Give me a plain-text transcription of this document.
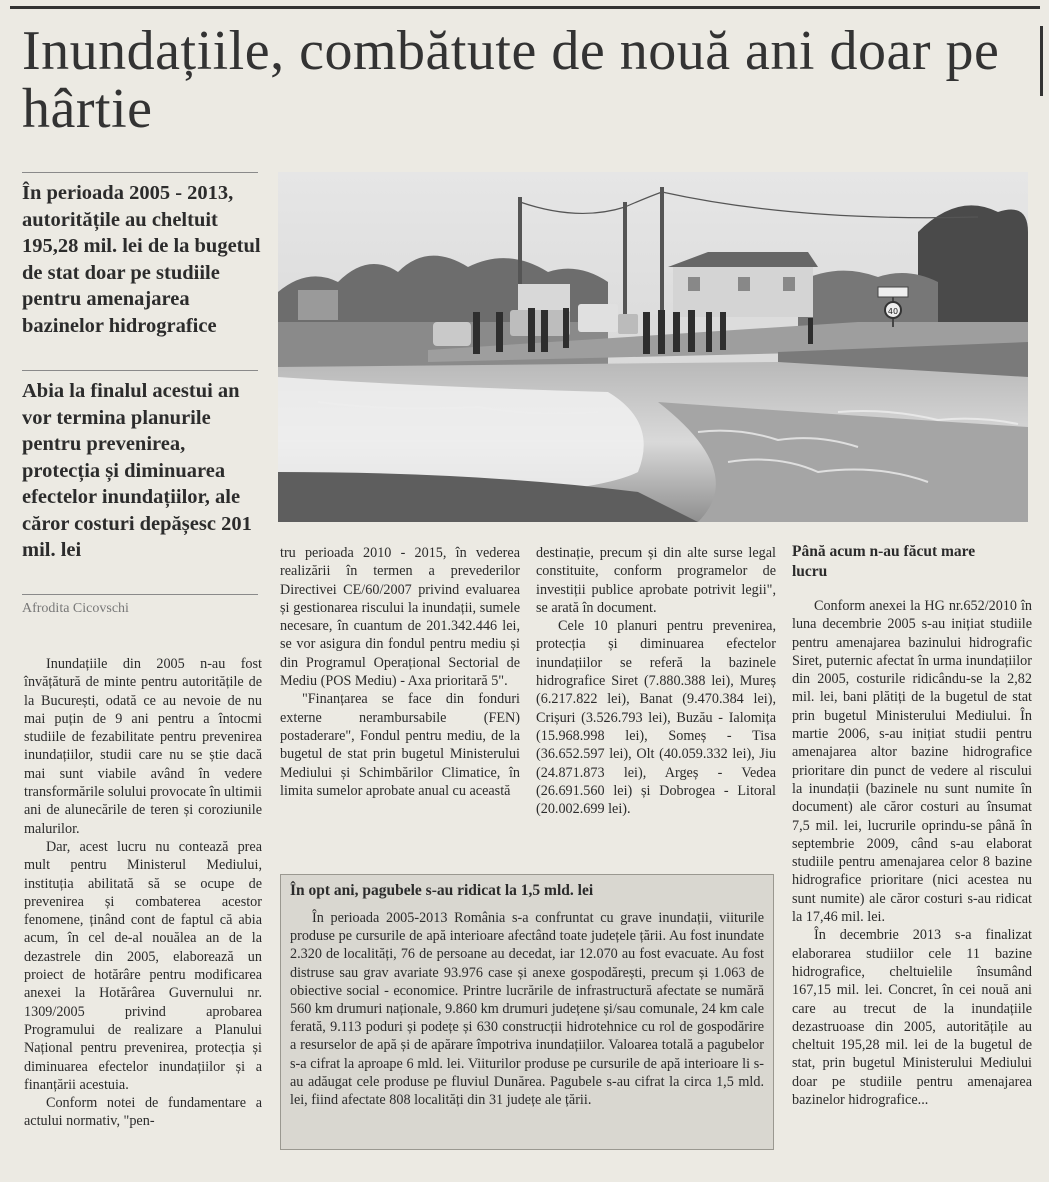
Inundațiile, combătute de nouă ani doar pe hârtie

În perioada 2005 - 2013, autoritățile au cheltuit 195,28 mil. lei de la bugetul de stat doar pe studiile pentru amenajarea bazinelor hidrografice

Abia la finalul acestui an vor termina planurile pentru prevenirea, protecția și diminuarea efectelor inundațiilor, ale căror costuri depășesc 201 mil. lei

Afrodita Cicovschi
40

Inundațiile din 2005 n-au fost învățătură de minte pentru autoritățile de la București, odată ce au nevoie de nu mai puțin de 9 ani pentru a întocmi studiile de fezabilitate pentru prevenirea inundațiilor, studii care nu se știe dacă mai sunt viabile având în vedere transformările solului provocate în ultimii ani de alunecările de teren și coroziunile malurilor.

Dar, acest lucru nu contează prea mult pentru Ministerul Mediului, instituția abilitată să se ocupe de prevenirea și combaterea acestor fenomene, ținând cont de faptul că abia acum, în cel de-al nouălea an de la dezastrele din 2005, elaborează un proiect de hotărâre pentru modificarea anexei la Hotărârea Guvernului nr. 1309/2005 privind aprobarea Programului de realizare a Planului Național pentru prevenirea, protecția și diminuarea efectelor inundațiilor și a finanțării acestuia.

Conform notei de fundamentare a actului normativ, "pen-

tru perioada 2010 - 2015, în vederea realizării în termen a prevederilor Directivei CE/60/2007 privind evaluarea și gestionarea riscului la inundații, sumele necesare, în cuantum de 201.342.446 lei, se vor asigura din fondul pentru mediu și din Programul Operațional Sectorial de Mediu (POS Mediu) - Axa prioritară 5".

"Finanțarea se face din fonduri externe nerambursabile (FEN) postaderare", Fondul pentru mediu, de la bugetul de stat prin bugetul Ministerului Mediului și Schimbărilor Climatice, în limita sumelor aprobate anual cu această

destinație, precum și din alte surse legal constituite, conform programelor de investiții publice aprobate potrivit legii", se arată în document.

Cele 10 planuri pentru prevenirea, protecția și diminuarea efectelor inundațiilor se referă la bazinele hidrografice Siret (7.880.388 lei), Mureș (6.217.822 lei), Banat (9.470.384 lei), Crișuri (3.526.793 lei), Buzău - Ialomița (15.968.998 lei), Someș - Tisa (36.652.597 lei), Olt (40.059.332 lei), Jiu (24.871.873 lei), Argeș - Vedea (26.691.560 lei) și Dobrogea - Litoral (20.002.699 lei).

Până acum n-au făcut mare lucru

Conform anexei la HG nr.652/2010 în luna decembrie 2005 s-au inițiat studiile pentru amenajarea bazinului hidrografic Siret, puternic afectat în urma inundațiilor din 2005, costurile ridicându-se la 2,82 mil. lei, bani plătiți de la bugetul de stat prin bugetul Ministerului Mediului. În martie 2006, s-au inițiat studii pentru amenajarea altor bazine hidrografice prioritare din punct de vedere al riscului la inundații (bazinele nu sunt numite în document) ale căror costuri au însumat 7,5 mil. lei, lucrurile oprindu-se până în septembrie 2009, când s-au elaborat studiile pentru amenajarea celor 8 bazine hidrografice prioritare (nici acestea nu sunt numite) ale căror costuri s-au ridicat la 17,46 mil. lei.

În decembrie 2013 s-a finalizat elaborarea studiilor cele 11 bazine hidrografice, cheltuielile însumând 167,15 mil. lei. Concret, în cei nouă ani care au trecut de la inundațiile dezastruoase din 2005, autoritățile au cheltuit 195,28 mil. lei de la bugetul de stat, prin bugetul Ministerului Mediului doar pe studiile pentru amenajarea bazinelor hidrografice...

În opt ani, pagubele s-au ridicat la 1,5 mld. lei

În perioada 2005-2013 România s-a confruntat cu grave inundații, viiturile produse pe cursurile de apă interioare afectând toate județele țării. Au fost inundate 2.320 de localități, 76 de persoane au decedat, iar 12.070 au fost evacuate. Au fost distruse sau grav avariate 93.976 case și anexe gospodărești, precum și 1.063 de obiective social - economice. Printre lucrările de infrastructură afectate se numără 560 km drumuri naționale, 9.860 km drumuri județene și/sau comunale, 24 km cale ferată, 9.113 poduri și podețe și 630 construcții hidrotehnice cu rol de gospodărire a resurselor de apă și de apărare împotriva inundațiilor. Valoarea totală a pagubelor s-a cifrat la aproape 6 mld. lei. Viiturilor produse pe cursurile de apă interioare li s-au adăugat cele produse pe fluviul Dunărea. Pagubele s-au cifrat la circa 1,5 mld. lei, fiind afectate 808 localități din 31 județe ale țării.
